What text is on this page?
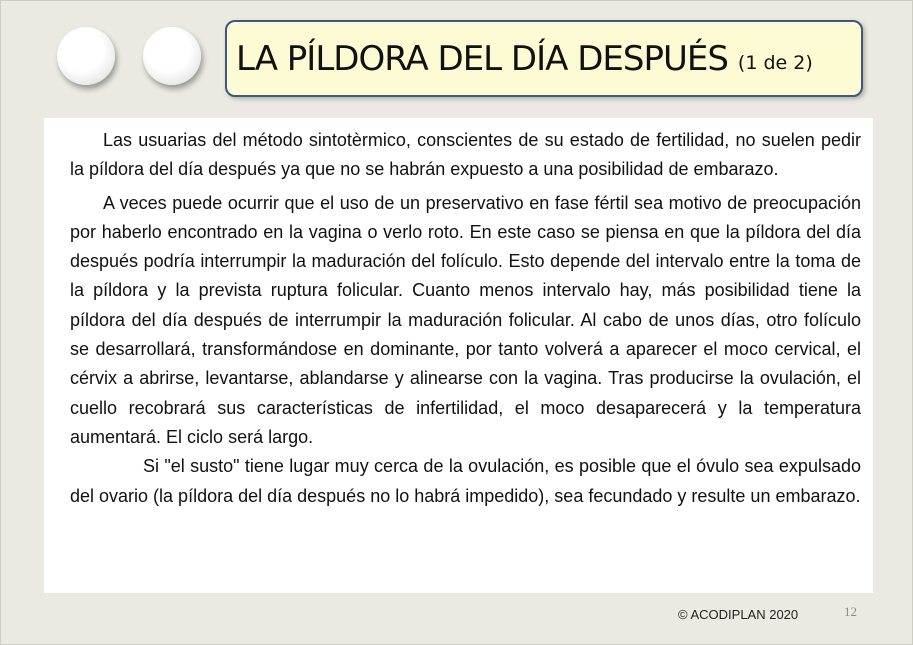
LA PÍLDORA DEL DÍA DESPUÉS (1 de 2)

Las usuarias del método sintotèrmico, conscientes de su estado de fertilidad, no suelen pedir la píldora del día después ya que no se habrán expuesto a una posibilidad de embarazo.

A veces puede ocurrir que el uso de un preservativo en fase fértil sea motivo de preocupación por haberlo encontrado en la vagina o verlo roto. En este caso se piensa en que la píldora del día después podría interrumpir la maduración del folículo. Esto depende del intervalo entre la toma de la píldora y la prevista ruptura folicular. Cuanto menos intervalo hay, más posibilidad tiene la píldora del día después de interrumpir la maduración folicular. Al cabo de unos días, otro folículo se desarrollará, transformándose en dominante, por tanto volverá a aparecer el moco cervical, el cérvix a abrirse, levantarse, ablandarse y alinearse con la vagina. Tras producirse la ovulación, el cuello recobrará sus características de infertilidad, el moco desaparecerá y la temperatura aumentará. El ciclo será largo.

Si "el susto" tiene lugar muy cerca de la ovulación, es posible que el óvulo sea expulsado del ovario (la píldora del día después no lo habrá impedido), sea fecundado y resulte un embarazo.

© ACODIPLAN 2020	12
